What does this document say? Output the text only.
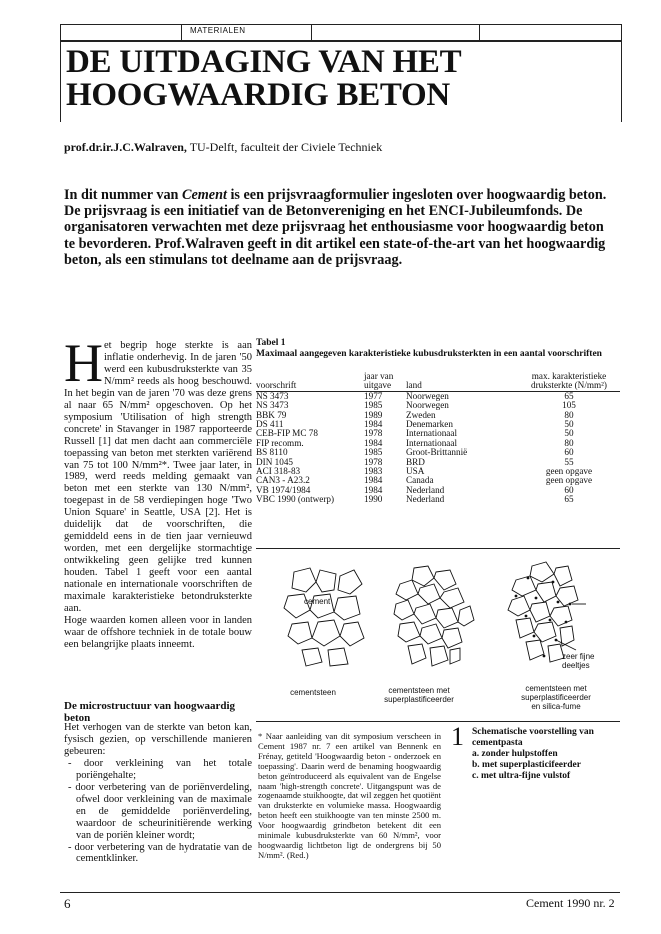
MATERIALEN
DE UITDAGING VAN HET
HOOGWAARDIG BETON
prof.dr.ir.J.C.Walraven, TU-Delft, faculteit der Civiele Techniek
In dit nummer van Cement is een prijsvraagformulier ingesloten over hoogwaardig beton. De prijsvraag is een initiatief van de Betonvereniging en het ENCI-Jubileumfonds. De organisatoren verwachten met deze prijsvraag het enthousiasme voor hoogwaardig beton te bevorderen. Prof.Walraven geeft in dit artikel een state-of-the-art van het hoogwaardig beton, als een stimulans tot deelname aan de prijsvraag.
H et begrip hoge sterkte is aan inflatie onderhevig. In de jaren '50 werd een kubusdruksterkte van 35 N/mm² reeds als hoog beschouwd. In het begin van de jaren '70 was deze grens al naar 65 N/mm² opgeschoven. Op het symposium 'Utilisation of high strength concrete' in Stavanger in 1987 rapporteerde Russell [1] dat men dacht aan commerciële toepassing van beton met sterkten variërend van 75 tot 100 N/mm²*. Twee jaar later, in 1989, werd reeds melding gemaakt van beton met een sterkte van 130 N/mm², toegepast in de 58 verdiepingen hoge 'Two Union Square' in Seattle, USA [2]. Het is duidelijk dat de voorschriften, die gemiddeld eens in de tien jaar vernieuwd worden, met een dergelijke stormachtige ontwikkeling geen gelijke tred kunnen houden. Tabel 1 geeft voor een aantal nationale en internationale voorschriften de maximale karakteristieke betondruksterkte aan.
Hoge waarden komen alleen voor in landen waar de offshore techniek in de totale bouw een belangrijke plaats inneemt.
De microstructuur van hoogwaardig beton
Het verhogen van de sterkte van beton kan, fysisch gezien, op verschillende manieren gebeuren:
- door verkleining van het totale poriëngehalte;
- door verbetering van de poriënverdeling, ofwel door verkleining van de maximale en de gemiddelde poriënverdeling, waardoor de scheurinitiërende werking van de poriën kleiner wordt;
- door verbetering van de hydratatie van de cementklinker.
Tabel 1
Maximaal aangegeven karakteristieke kubusdruksterkten in een aantal voorschriften
	jaar van		max. karakteristieke
voorschrift	uitgave	land	druksterkte (N/mm²)
NS 3473	1977	Noorwegen	65
NS 3473	1985	Noorwegen	105
BBK 79	1989	Zweden	80
DS 411	1984	Denemarken	50
CEB-FIP MC 78	1978	Internationaal	50
FIP recomm.	1984	Internationaal	80
BS 8110	1985	Groot-Brittannië	60
DIN 1045	1978	BRD	55
ACI 318-83	1983	USA	geen opgave
CAN3 - A23.2	1984	Canada	geen opgave
VB 1974/1984	1984	Nederland	60
VBC 1990 (ontwerp)	1990	Nederland	65
cement
zeer fijne
deeltjes
cementsteen	cementsteen met
superplastificeerder
cementsteen met
superplastificeerder
en silica-fume
* Naar aanleiding van dit symposium verscheen in Cement 1987 nr. 7 een artikel van Bennenk en Frénay, getiteld 'Hoogwaardig beton - onderzoek en toepassing'. Daarin werd de benaming hoogwaardig beton geïntroduceerd als equivalent van de Engelse naam 'high-strength concrete'. Uitgangspunt was de zogenaamde stuikhoogte, dat wil zeggen het quotiënt van druksterkte en volumieke massa. Hoogwaardig beton heeft een stuikhoogte van ten minste 2500 m. Voor hoogwaardig grindbeton betekent dit een minimale kubusdruksterkte van 60 N/mm², voor hoogwaardig lichtbeton ligt de ondergrens bij 50 N/mm². (Red.)
1 Schematische voorstelling van cementpasta
a. zonder hulpstoffen
b. met superplasticifeerder
c. met ultra-fijne vulstof
6	Cement 1990 nr. 2
